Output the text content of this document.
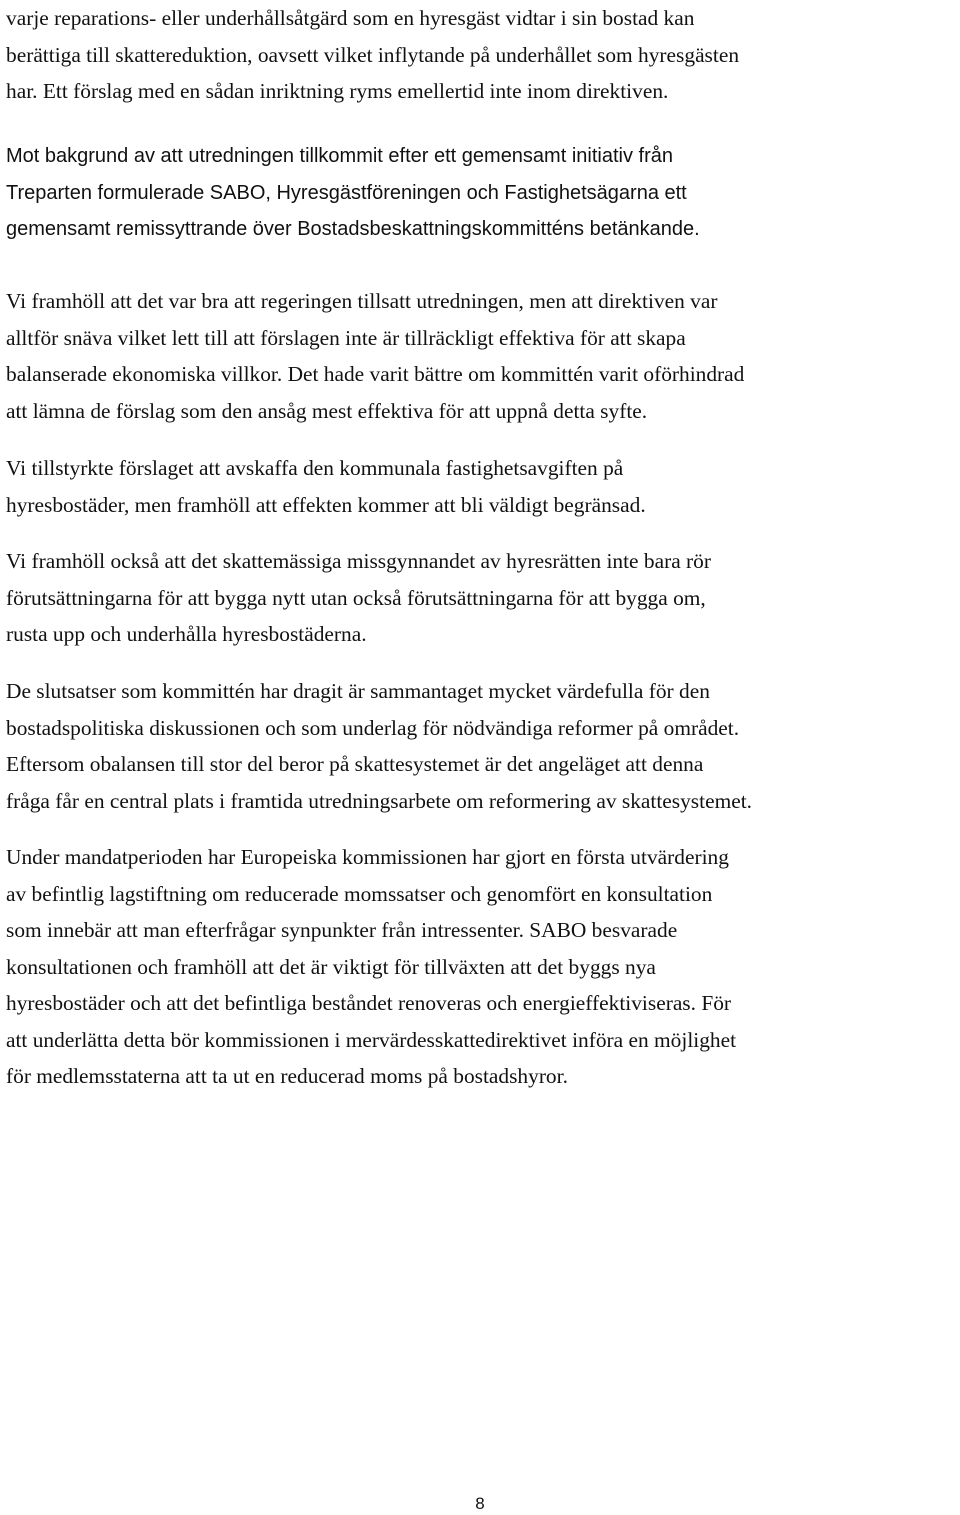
varje reparations- eller underhållsåtgärd som en hyresgäst vidtar i sin bostad kan
berättiga till skattereduktion, oavsett vilket inflytande på underhållet som hyresgästen
har. Ett förslag med en sådan inriktning ryms emellertid inte inom direktiven.
Mot bakgrund av att utredningen tillkommit efter ett gemensamt initiativ från
Treparten formulerade SABO, Hyresgästföreningen och Fastighetsägarna ett
gemensamt remissyttrande över Bostadsbeskattningskommitténs betänkande.
Vi framhöll att det var bra att regeringen tillsatt utredningen, men att direktiven var
alltför snäva vilket lett till att förslagen inte är tillräckligt effektiva för att skapa
balanserade ekonomiska villkor. Det hade varit bättre om kommittén varit oförhindrad
att lämna de förslag som den ansåg mest effektiva för att uppnå detta syfte.
Vi tillstyrkte förslaget att avskaffa den kommunala fastighetsavgiften på
hyresbostäder, men framhöll att effekten kommer att bli väldigt begränsad.
Vi framhöll också att det skattemässiga missgynnandet av hyresrätten inte bara rör
förutsättningarna för att bygga nytt utan också förutsättningarna för att bygga om,
rusta upp och underhålla hyresbostäderna.
De slutsatser som kommittén har dragit är sammantaget mycket värdefulla för den
bostadspolitiska diskussionen och som underlag för nödvändiga reformer på området.
Eftersom obalansen till stor del beror på skattesystemet är det angeläget att denna
fråga får en central plats i framtida utredningsarbete om reformering av skattesystemet.
Under mandatperioden har Europeiska kommissionen har gjort en första utvärdering
av befintlig lagstiftning om reducerade momssatser och genomfört en konsultation
som innebär att man efterfrågar synpunkter från intressenter. SABO besvarade
konsultationen och framhöll att det är viktigt för tillväxten att det byggs nya
hyresbostäder och att det befintliga beståndet renoveras och energieffektiviseras. För
att underlätta detta bör kommissionen i mervärdesskattedirektivet införa en möjlighet
för medlemsstaterna att ta ut en reducerad moms på bostadshyror.
8
